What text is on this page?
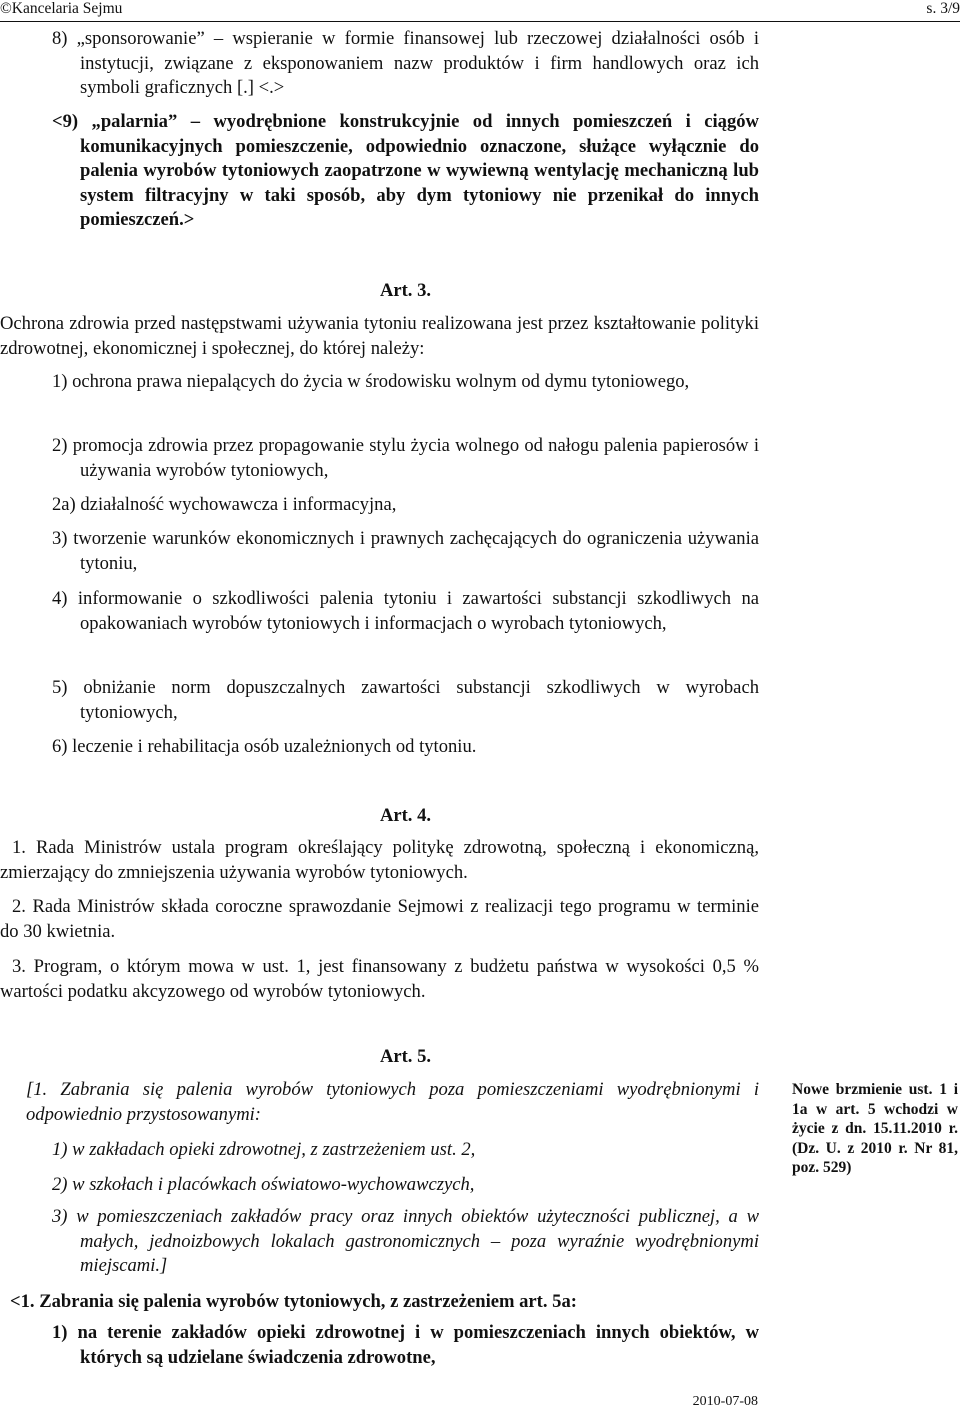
©Kancelaria Sejmu	s. 3/9
8) „sponsorowanie” – wspieranie w formie finansowej lub rzeczowej działalności osób i instytucji, związane z eksponowaniem nazw produktów i firm handlowych oraz ich symboli graficznych [.] <.>
<9) „palarnia” – wyodrębnione konstrukcyjnie od innych pomieszczeń i ciągów komunikacyjnych pomieszczenie, odpowiednio oznaczone, służące wyłącznie do palenia wyrobów tytoniowych zaopatrzone w wywiewną wentylację mechaniczną lub system filtracyjny w taki sposób, aby dym tytoniowy nie przenikał do innych pomieszczeń.>
Art. 3.
Ochrona zdrowia przed następstwami używania tytoniu realizowana jest przez kształtowanie polityki zdrowotnej, ekonomicznej i społecznej, do której należy:
1) ochrona prawa niepalących do życia w środowisku wolnym od dymu tytoniowego,
2) promocja zdrowia przez propagowanie stylu życia wolnego od nałogu palenia papierosów i używania wyrobów tytoniowych,
2a) działalność wychowawcza i informacyjna,
3) tworzenie warunków ekonomicznych i prawnych zachęcających do ograniczenia używania tytoniu,
4) informowanie o szkodliwości palenia tytoniu i zawartości substancji szkodliwych na opakowaniach wyrobów tytoniowych i informacjach o wyrobach tytoniowych,
5) obniżanie norm dopuszczalnych zawartości substancji szkodliwych w wyrobach tytoniowych,
6) leczenie i rehabilitacja osób uzależnionych od tytoniu.
Art. 4.
1. Rada Ministrów ustala program określający politykę zdrowotną, społeczną i ekonomiczną, zmierzający do zmniejszenia używania wyrobów tytoniowych.
2. Rada Ministrów składa coroczne sprawozdanie Sejmowi z realizacji tego programu w terminie do 30 kwietnia.
3. Program, o którym mowa w ust. 1, jest finansowany z budżetu państwa w wysokości 0,5 % wartości podatku akcyzowego od wyrobów tytoniowych.
Art. 5.
[1. Zabrania się palenia wyrobów tytoniowych poza pomieszczeniami wyodrębnionymi i odpowiednio przystosowanymi:
1) w zakładach opieki zdrowotnej, z zastrzeżeniem ust. 2,
2) w szkołach i placówkach oświatowo-wychowawczych,
3) w pomieszczeniach zakładów pracy oraz innych obiektów użyteczności publicznej, a w małych, jednoizbowych lokalach gastronomicznych – poza wyraźnie wyodrębnionymi miejscami.]
<1. Zabrania się palenia wyrobów tytoniowych, z zastrzeżeniem art. 5a:
1) na terenie zakładów opieki zdrowotnej i w pomieszczeniach innych obiektów, w których są udzielane świadczenia zdrowotne,
Nowe brzmienie ust. 1 i 1a w art. 5 wchodzi w życie z dn. 15.11.2010 r. (Dz. U. z 2010 r. Nr 81, poz. 529)
2010-07-08
